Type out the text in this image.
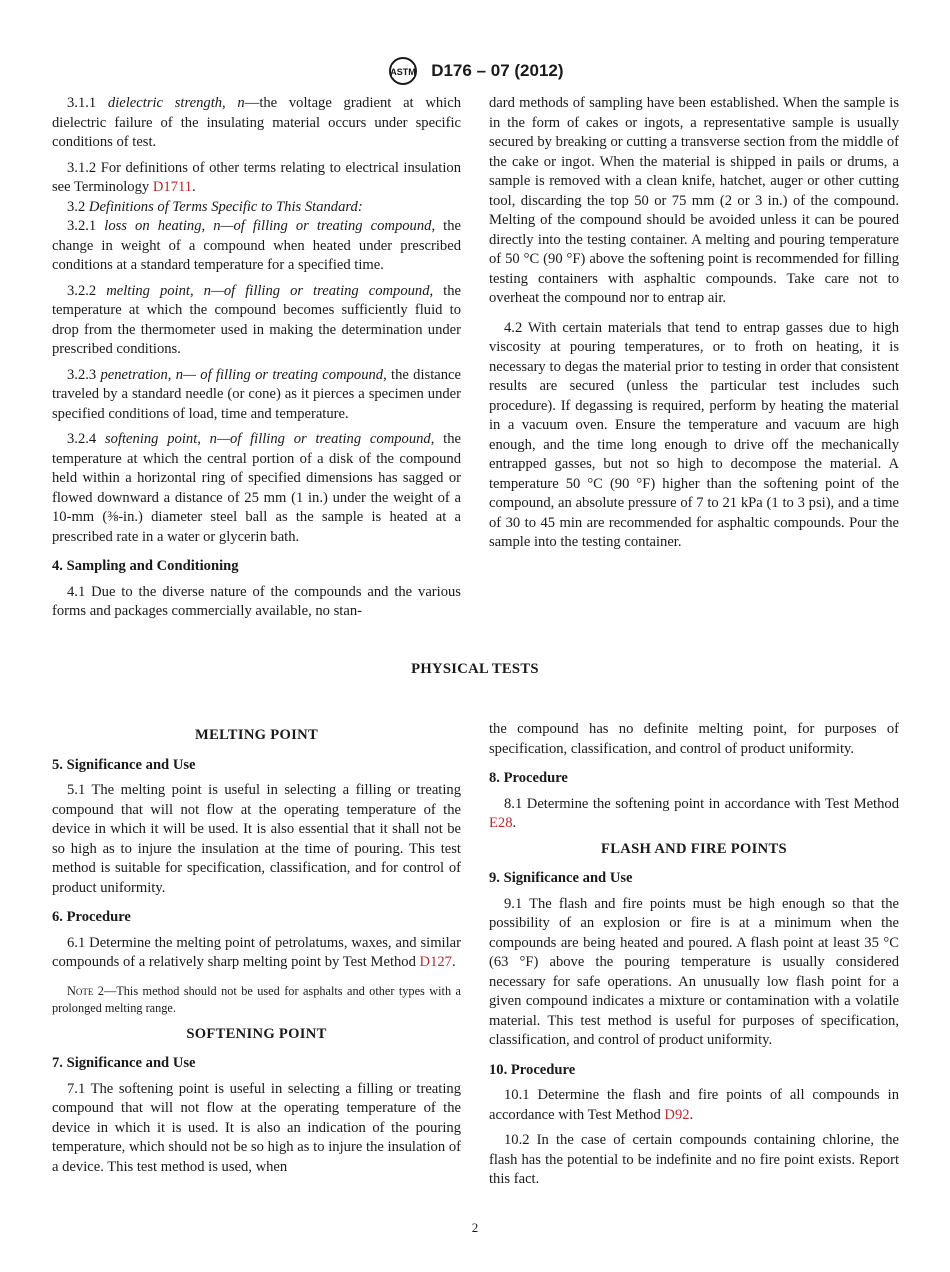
ASTM D176 – 07 (2012)

3.1.1 dielectric strength, n—the voltage gradient at which dielectric failure of the insulating material occurs under specific conditions of test.

3.1.2 For definitions of other terms relating to electrical insulation see Terminology D1711.

3.2 Definitions of Terms Specific to This Standard:

3.2.1 loss on heating, n—of filling or treating compound, the change in weight of a compound when heated under prescribed conditions at a standard temperature for a specified time.

3.2.2 melting point, n—of filling or treating compound, the temperature at which the compound becomes sufficiently fluid to drop from the thermometer used in making the determination under prescribed conditions.

3.2.3 penetration, n— of filling or treating compound, the distance traveled by a standard needle (or cone) as it pierces a specimen under specified conditions of load, time and temperature.

3.2.4 softening point, n—of filling or treating compound, the temperature at which the central portion of a disk of the compound held within a horizontal ring of specified dimensions has sagged or flowed downward a distance of 25 mm (1 in.) under the weight of a 10-mm (⅜-in.) diameter steel ball as the sample is heated at a prescribed rate in a water or glycerin bath.

4. Sampling and Conditioning

4.1 Due to the diverse nature of the compounds and the various forms and packages commercially available, no stan-

dard methods of sampling have been established. When the sample is in the form of cakes or ingots, a representative sample is usually secured by breaking or cutting a transverse section from the middle of the cake or ingot. When the material is shipped in pails or drums, a sample is removed with a clean knife, hatchet, auger or other cutting tool, discarding the top 50 or 75 mm (2 or 3 in.) of the compound. Melting of the compound should be avoided unless it can be poured directly into the testing container. A melting and pouring temperature of 50 °C (90 °F) above the softening point is recommended for filling testing containers with asphaltic compounds. Take care not to overheat the compound nor to entrap air.

4.2 With certain materials that tend to entrap gasses due to high viscosity at pouring temperatures, or to froth on heating, it is necessary to degas the material prior to testing in order that consistent results are secured (unless the particular test includes such procedure). If degassing is required, perform by heating the material in a vacuum oven. Ensure the temperature and vacuum are high enough, and the time long enough to drive off the mechanically entrapped gasses, but not so high to decompose the material. A temperature 50 °C (90 °F) higher than the softening point of the compound, an absolute pressure of 7 to 21 kPa (1 to 3 psi), and a time of 30 to 45 min are recommended for asphaltic compounds. Pour the sample into the testing container.

PHYSICAL TESTS
MELTING POINT
5. Significance and Use

5.1 The melting point is useful in selecting a filling or treating compound that will not flow at the operating temperature of the device in which it will be used. It is also essential that it shall not be so high as to injure the insulation at the time of pouring. This test method is suitable for specification, classification, and for control of product uniformity.

6. Procedure

6.1 Determine the melting point of petrolatums, waxes, and similar compounds of a relatively sharp melting point by Test Method D127.

Note 2—This method should not be used for asphalts and other types with a prolonged melting range.
SOFTENING POINT
7. Significance and Use

7.1 The softening point is useful in selecting a filling or treating compound that will not flow at the operating temperature of the device in which it is used. It is also an indication of the pouring temperature, which should not be so high as to injure the insulation of a device. This test method is used, when

the compound has no definite melting point, for purposes of specification, classification, and control of product uniformity.

8. Procedure

8.1 Determine the softening point in accordance with Test Method E28.

FLASH AND FIRE POINTS
9. Significance and Use

9.1 The flash and fire points must be high enough so that the possibility of an explosion or fire is at a minimum when the compounds are being heated and poured. A flash point at least 35 °C (63 °F) above the pouring temperature is usually considered necessary for safe operations. An unusually low flash point for a given compound indicates a mixture or contamination with a volatile material. This test method is useful for purposes of specification, classification, and control of product uniformity.

10. Procedure

10.1 Determine the flash and fire points of all compounds in accordance with Test Method D92.

10.2 In the case of certain compounds containing chlorine, the flash has the potential to be indefinite and no fire point exists. Report this fact.

2
